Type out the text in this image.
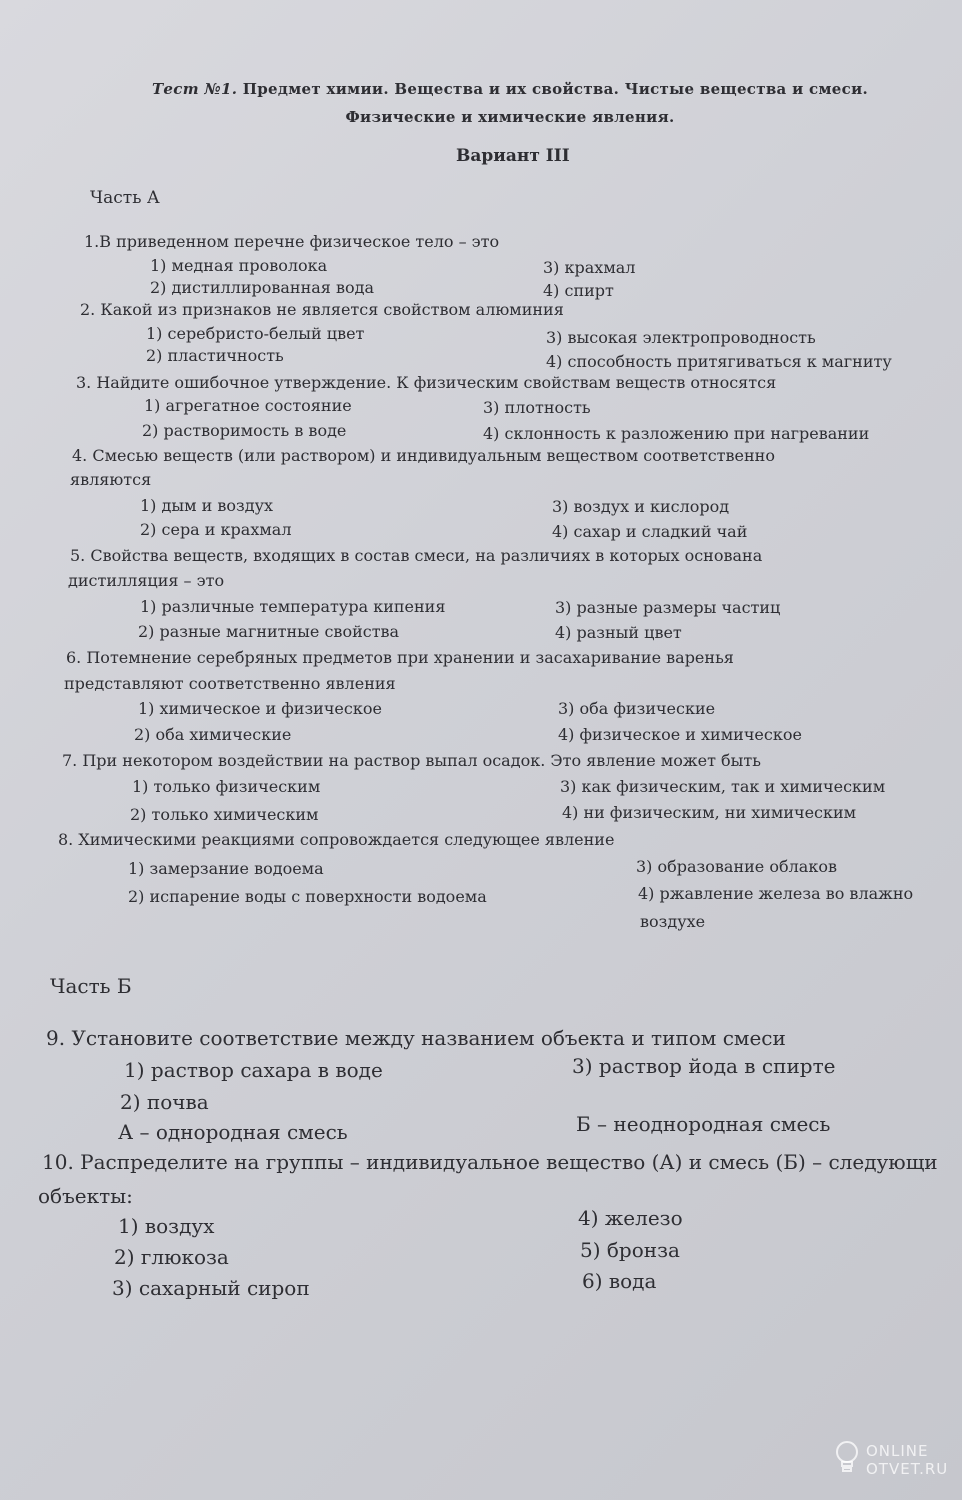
Тест №1. Предмет химии. Вещества и их свойства. Чистые вещества и смеси.
Физические и химические явления.
Вариант III
Часть А
1.В приведенном перечне физическое тело – это
1) медная проволока	3) крахмал
2) дистиллированная вода	4) спирт
2. Какой из признаков не является свойством алюминия
1) серебристо-белый цвет	3) высокая электропроводность
2) пластичность	4) способность притягиваться к магниту
3. Найдите ошибочное утверждение. К физическим свойствам веществ относятся
1) агрегатное состояние	3) плотность
2) растворимость в воде	4) склонность к разложению при нагревании
4. Смесью веществ (или раствором) и индивидуальным веществом соответственно
являются
1) дым и воздух	3) воздух и кислород
2) сера и крахмал	4) сахар и сладкий чай
5. Свойства веществ, входящих в состав смеси, на различиях в которых основана
дистилляция – это
1) различные температура кипения	3) разные размеры частиц
2) разные магнитные свойства	4) разный цвет
6. Потемнение серебряных предметов при хранении и засахаривание варенья
представляют соответственно явления
1) химическое и физическое	3) оба физические
2) оба химические	4) физическое и химическое
7. При некотором воздействии на раствор выпал осадок. Это явление может быть
1) только физическим	3) как физическим, так и химическим
2) только химическим	4) ни физическим, ни химическим
8. Химическими реакциями сопровождается следующее явление
1) замерзание водоема	3) образование облаков
2) испарение воды с поверхности водоема	4) ржавление железа во влажно
воздухе
Часть Б
9. Установите соответствие между названием объекта и типом смеси
1) раствор сахара в воде	3) раствор йода в спирте
2) почва
А – однородная смесь	Б – неоднородная смесь
10. Распределите на группы – индивидуальное вещество (А) и смесь (Б) – следующи
объекты:
1) воздух	4) железо
2) глюкоза	5) бронза
3) сахарный сироп	6) вода
ONLINE
OTVET.RU
